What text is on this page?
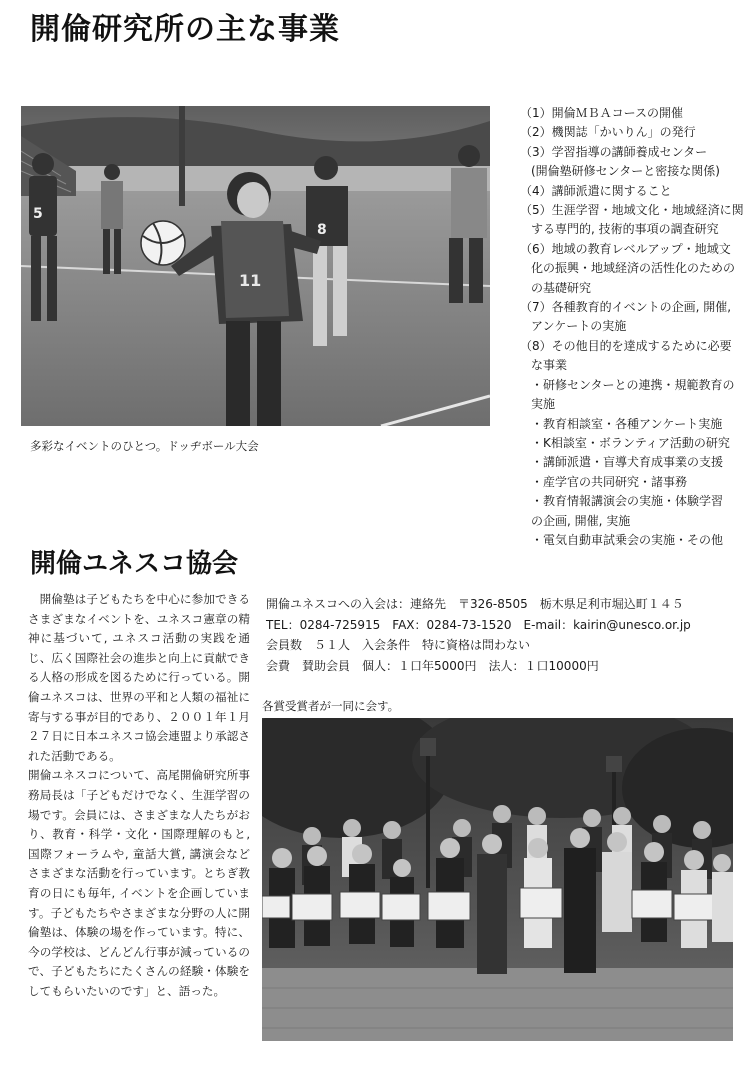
開倫研究所の主な事業
5
8
11
多彩なイベントのひとつ。ドッヂボール大会
（1）開倫ＭＢＡコースの開催
（2）機関誌「かいりん」の発行
（3）学習指導の講師養成センター
(開倫塾研修センターと密接な関係)
（4）講師派遣に関すること
（5）生涯学習・地域文化・地域経済に関
する専門的, 技術的事項の調査研究
（6）地域の教育レベルアップ・地域文
化の振興・地域経済の活性化のための
の基礎研究
（7）各種教育的イベントの企画, 開催,
アンケートの実施
（8）その他目的を達成するために必要
な事業
・研修センターとの連携・規範教育の
実施
・教育相談室・各種アンケート実施
・K相談室・ボランティア活動の研究
・講師派遣・盲導犬育成事業の支援
・産学官の共同研究・諸事務
・教育情報講演会の実施・体験学習
の企画, 開催, 実施
・電気自動車試乗会の実施・その他
開倫ユネスコ協会

開倫塾は子どもたちを中心に参加できるさまざまなイベントを、ユネスコ憲章の精神に基づいて, ユネスコ活動の実践を通じ、広く国際社会の進歩と向上に貢献できる人格の形成を図るために行っている。開倫ユネスコは、世界の平和と人類の福祉に寄与する事が目的であり、２００１年１月２７日に日本ユネスコ協会連盟より承認された活動である。

開倫ユネスコについて、高尾開倫研究所事務局長は「子どもだけでなく、生涯学習の場です。会員には、さまざまな人たちがおり、教育・科学・文化・国際理解のもと, 国際フォーラムや, 童話大賞, 講演会などさまざまな活動を行っています。とちぎ教育の日にも毎年, イベントを企画しています。子どもたちやさまざまな分野の人に開倫塾は、体験の場を作っています。特に、今の学校は、どんどん行事が減っているので、子どもたちにたくさんの経験・体験をしてもらいたいのです」と、語った。

開倫ユネスコへの入会は：連絡先　〒326-8505　栃木県足利市堀込町１４５
TEL：0284-725915　FAX：0284-73-1520　E-mail：kairin@unesco.or.jp
会員数　５１人　入会条件　特に資格は問わない
会費　賛助会員　個人：１口年5000円　法人：１口10000円
各賞受賞者が一同に会す。
